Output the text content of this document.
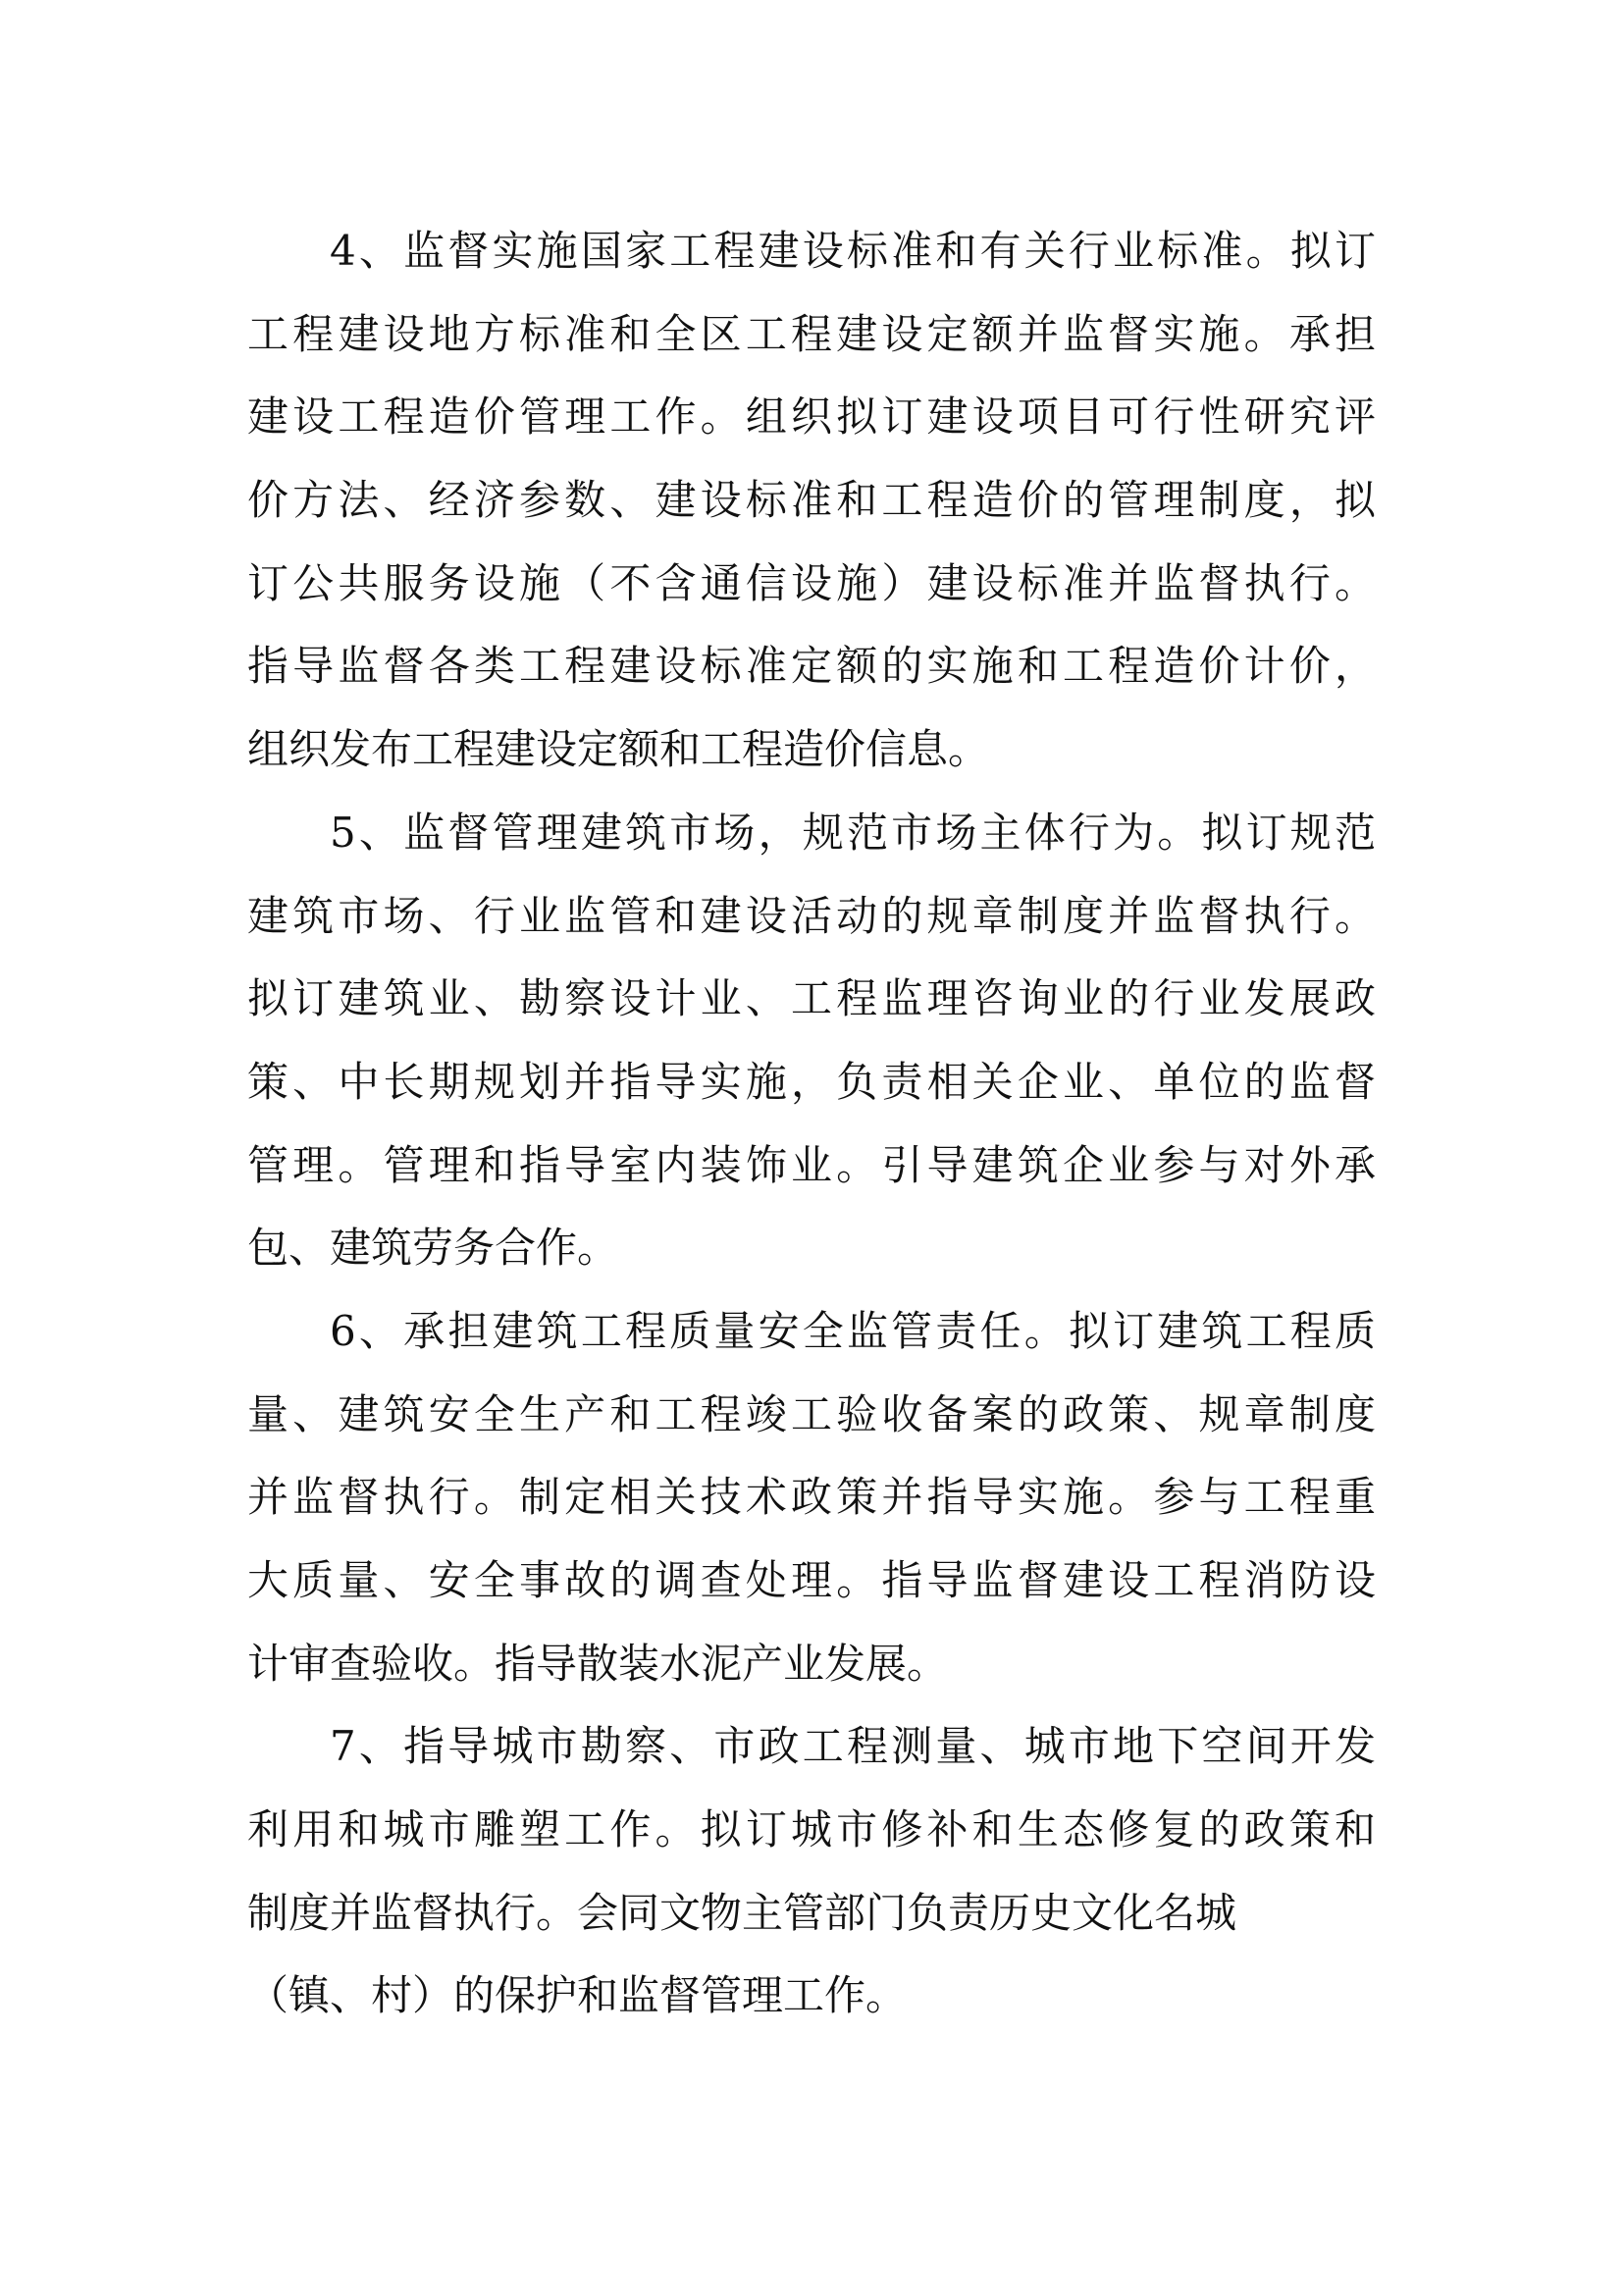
4、监督实施国家工程建设标准和有关行业标准。拟订
工程建设地方标准和全区工程建设定额并监督实施。承担
建设工程造价管理工作。组织拟订建设项目可行性研究评
价方法、经济参数、建设标准和工程造价的管理制度，拟
订公共服务设施（不含通信设施）建设标准并监督执行。
指导监督各类工程建设标准定额的实施和工程造价计价，
组织发布工程建设定额和工程造价信息。
5、监督管理建筑市场，规范市场主体行为。拟订规范
建筑市场、行业监管和建设活动的规章制度并监督执行。
拟订建筑业、勘察设计业、工程监理咨询业的行业发展政
策、中长期规划并指导实施，负责相关企业、单位的监督
管理。管理和指导室内装饰业。引导建筑企业参与对外承
包、建筑劳务合作。
6、承担建筑工程质量安全监管责任。拟订建筑工程质
量、建筑安全生产和工程竣工验收备案的政策、规章制度
并监督执行。制定相关技术政策并指导实施。参与工程重
大质量、安全事故的调查处理。指导监督建设工程消防设
计审查验收。指导散装水泥产业发展。
7、指导城市勘察、市政工程测量、城市地下空间开发
利用和城市雕塑工作。拟订城市修补和生态修复的政策和
制度并监督执行。会同文物主管部门负责历史文化名城
（镇、村）的保护和监督管理工作。
